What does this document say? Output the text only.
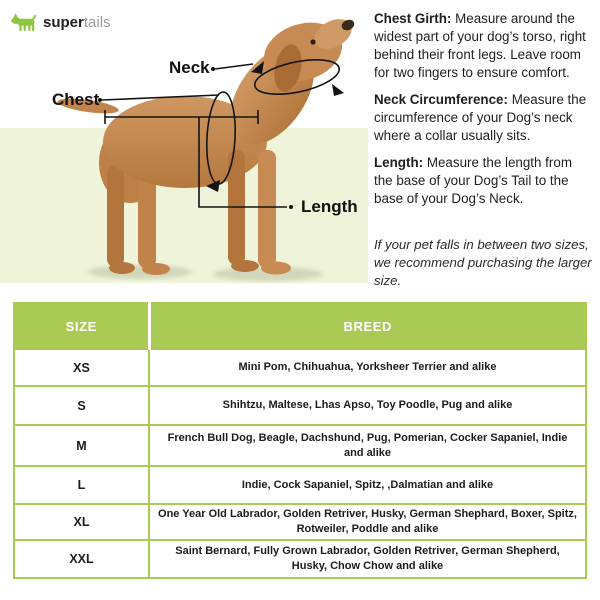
supertails
Neck
Chest
Length

Chest Girth: Measure around the widest part of your dog’s torso, right behind their front legs. Leave room for two fingers to ensure comfort.

Neck Circumference: Measure the circumference of your Dog’s neck where a collar usually sits.

Length: Measure the length from the base of your Dog’s Tail to the base of your Dog’s Neck.

If your pet falls in between two sizes, we recommend purchasing the larger size.

SIZE	BREED
XS	Mini Pom, Chihuahua, Yorksheer Terrier and alike
S	Shihtzu, Maltese, Lhas Apso, Toy Poodle, Pug and alike
M	French Bull Dog, Beagle, Dachshund, Pug, Pomerian, Cocker Sapaniel, Indie and alike
L	Indie, Cock Sapaniel, Spitz, ,Dalmatian and alike
XL	One Year Old Labrador, Golden Retriver, Husky, German Shephard, Boxer, Spitz, Rotweiler, Poddle and alike
XXL	Saint Bernard, Fully Grown Labrador, Golden Retriver, German Shepherd, Husky, Chow Chow and alike
